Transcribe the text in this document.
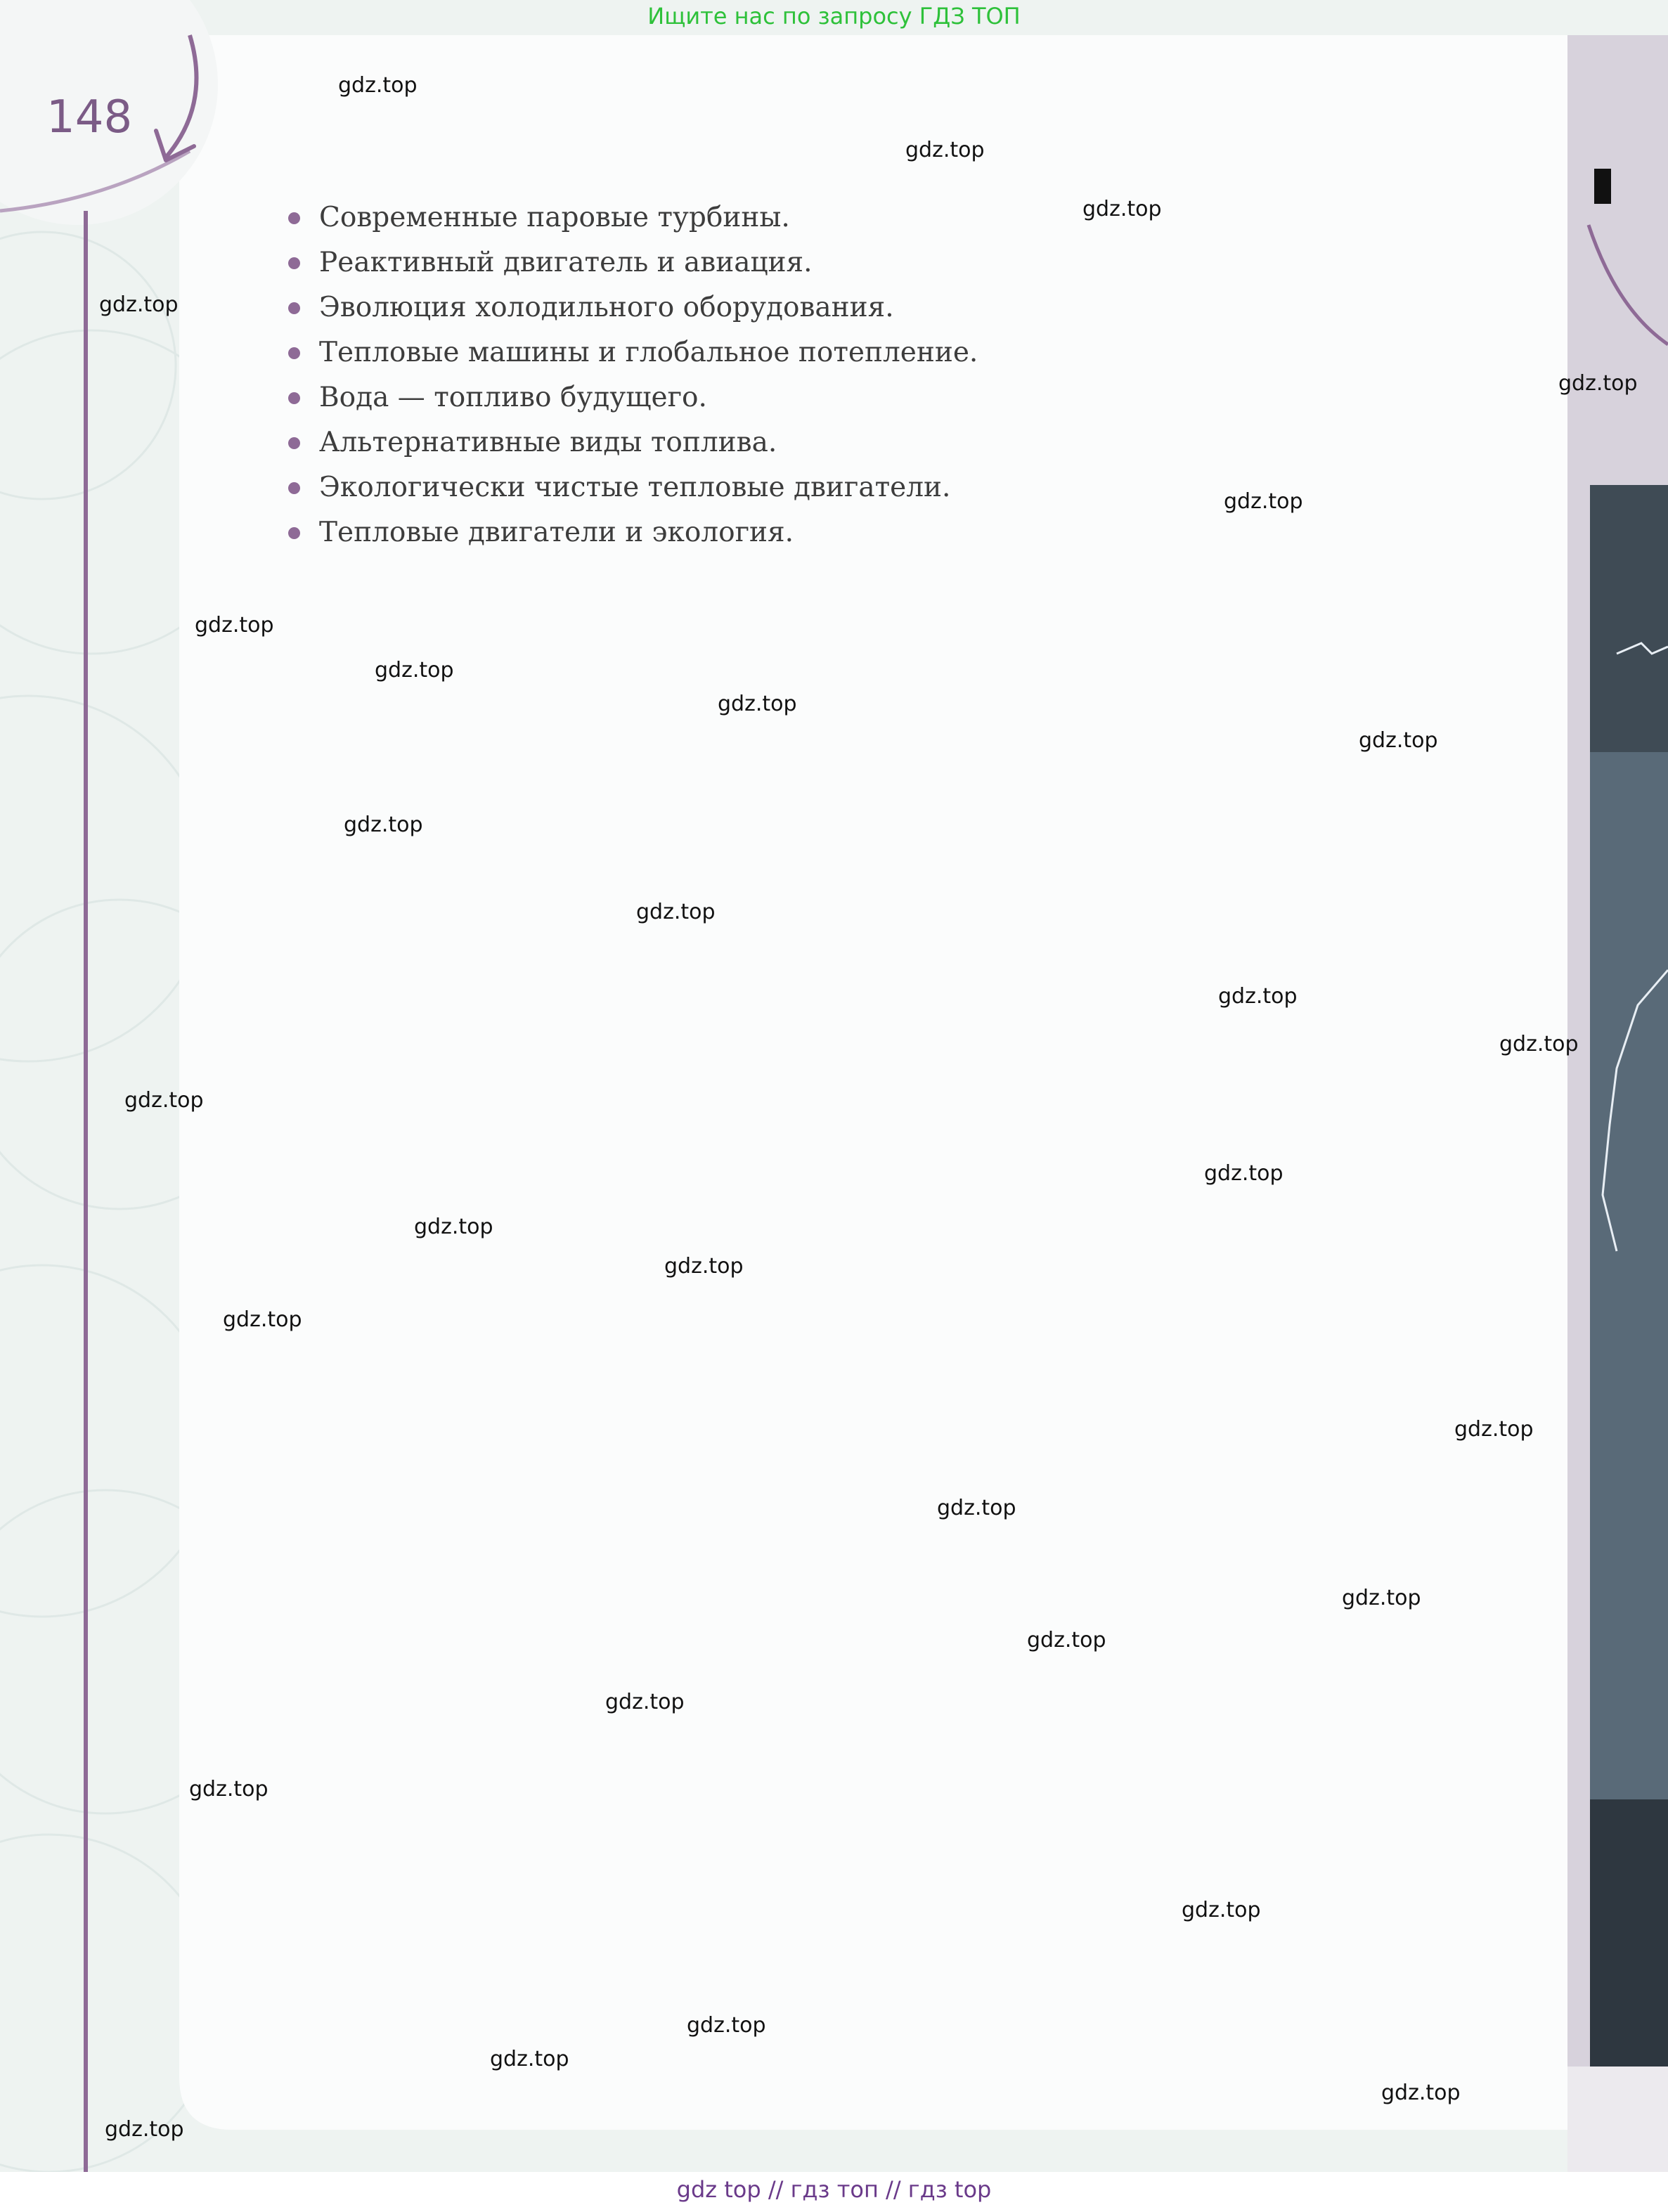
Ищите нас по запросу ГДЗ ТОП
148
Современные паровые турбины.
Реактивный двигатель и авиация.
Эволюция холодильного оборудования.
Тепловые машины и глобальное потепление.
Вода — топливо будущего.
Альтернативные виды топлива.
Экологически чистые тепловые двигатели.
Тепловые двигатели и экология.
gdz.top
gdz.top
gdz.top
gdz.top
gdz.top
gdz.top
gdz.top
gdz.top
gdz.top
gdz.top
gdz.top
gdz.top
gdz.top
gdz.top
gdz.top
gdz.top
gdz.top
gdz.top
gdz.top
gdz.top
gdz.top
gdz.top
gdz.top
gdz.top
gdz.top
gdz.top
gdz.top
gdz.top
gdz.top
gdz.top
gdz top // гдз топ // гдз top
